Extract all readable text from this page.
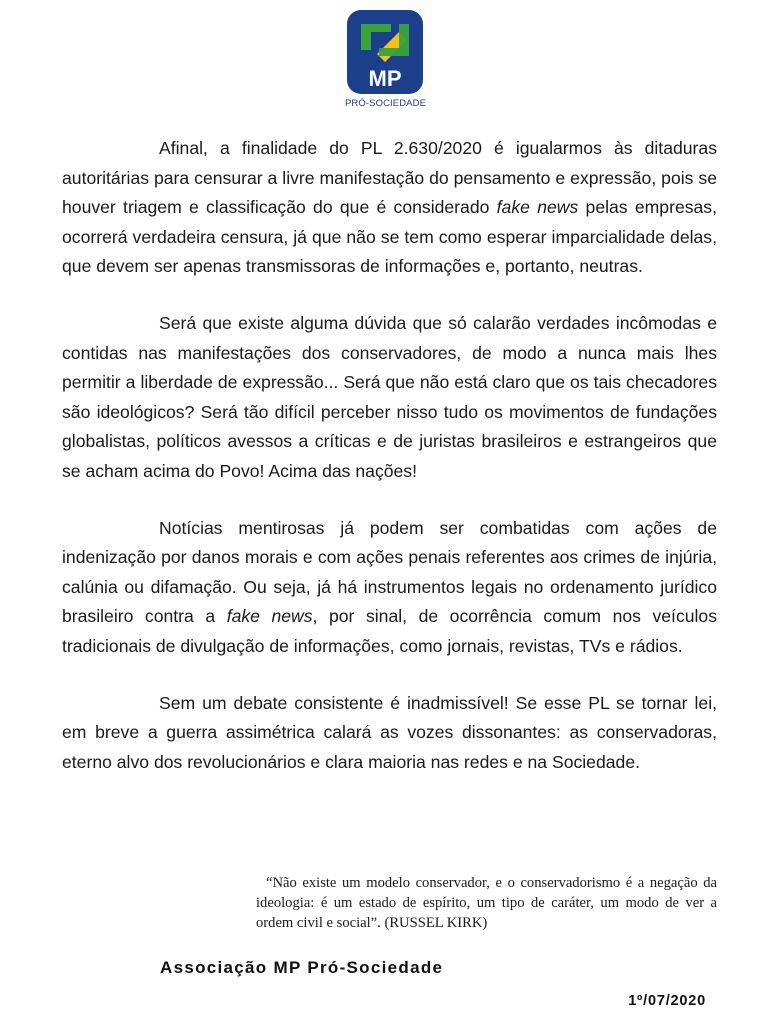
MP
PRÓ-SOCIEDADE

Afinal, a finalidade do PL 2.630/2020 é igualarmos às ditaduras autoritárias para censurar a livre manifestação do pensamento e expressão, pois se houver triagem e classificação do que é considerado fake news pelas empresas, ocorrerá verdadeira censura, já que não se tem como esperar imparcialidade delas, que devem ser apenas transmissoras de informações e, portanto, neutras.

Será que existe alguma dúvida que só calarão verdades incômodas e contidas nas manifestações dos conservadores, de modo a nunca mais lhes permitir a liberdade de expressão... Será que não está claro que os tais checadores são ideológicos? Será tão difícil perceber nisso tudo os movimentos de fundações globalistas, políticos avessos a críticas e de juristas brasileiros e estrangeiros que se acham acima do Povo! Acima das nações!

Notícias mentirosas já podem ser combatidas com ações de indenização por danos morais e com ações penais referentes aos crimes de injúria, calúnia ou difamação. Ou seja, já há instrumentos legais no ordenamento jurídico brasileiro contra a fake news, por sinal, de ocorrência comum nos veículos tradicionais de divulgação de informações, como jornais, revistas, TVs e rádios.

Sem um debate consistente é inadmissível! Se esse PL se tornar lei, em breve a guerra assimétrica calará as vozes dissonantes: as conservadoras, eterno alvo dos revolucionários e clara maioria nas redes e na Sociedade.

“Não existe um modelo conservador, e o conservadorismo é a negação da ideologia: é um estado de espírito, um tipo de caráter, um modo de ver a ordem civil e social”. (RUSSEL KIRK)
Associação MP Pró-Sociedade
1º/07/2020
